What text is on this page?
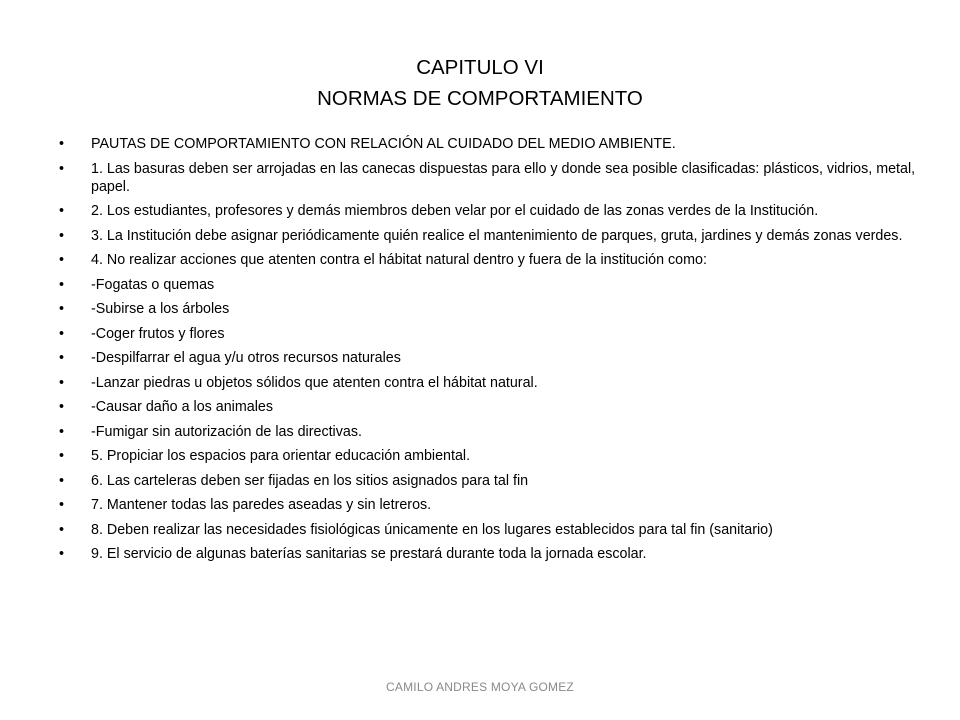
CAPITULO VI
NORMAS DE COMPORTAMIENTO
•	PAUTAS DE COMPORTAMIENTO CON RELACIÓN AL CUIDADO DEL MEDIO AMBIENTE.
•	1. Las basuras deben ser arrojadas en las canecas dispuestas para ello y donde sea posible clasificadas: plásticos, vidrios, metal, papel.
•	2. Los estudiantes, profesores y demás miembros deben velar por el cuidado de las zonas verdes de la Institución.
•	3. La Institución debe asignar periódicamente quién realice el mantenimiento de parques, gruta, jardines y demás zonas verdes.
•	4. No realizar acciones que atenten contra el hábitat natural dentro y fuera de la institución como:
•	-Fogatas o quemas
•	-Subirse a los árboles
•	-Coger frutos y flores
•	-Despilfarrar el agua y/u otros recursos naturales
•	-Lanzar piedras u objetos sólidos que atenten contra el hábitat natural.
•	-Causar daño a los animales
•	-Fumigar sin autorización de las directivas.
•	5. Propiciar los espacios para orientar educación ambiental.
•	6. Las carteleras deben ser fijadas en los sitios asignados para tal fin
•	7. Mantener todas las paredes aseadas y sin letreros.
•	8. Deben realizar las necesidades fisiológicas únicamente en los lugares establecidos para tal fin (sanitario)
•	9. El servicio de algunas baterías sanitarias se prestará durante toda la jornada escolar.
CAMILO ANDRES MOYA GOMEZ
